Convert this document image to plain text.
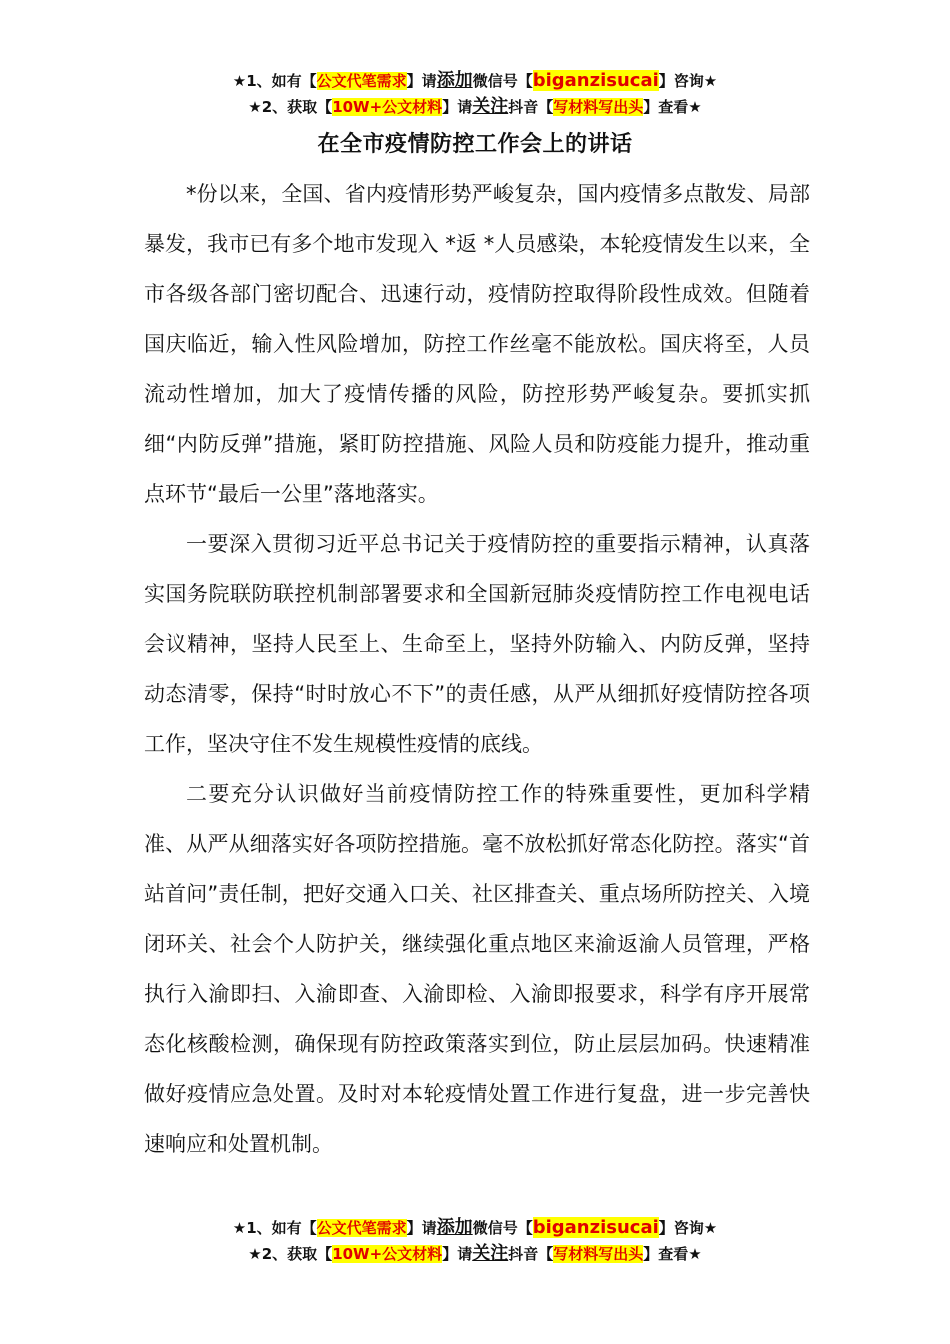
★1、如有【公文代笔需求】请添加微信号【biganzisucai】咨询★
★2、获取【10W+公文材料】请关注抖音【写材料写出头】查看★
在全市疫情防控工作会上的讲话

*份以来，全国、省内疫情形势严峻复杂，国内疫情多点散发、局部暴发，我市已有多个地市发现入 *返 *人员感染，本轮疫情发生以来，全市各级各部门密切配合、迅速行动，疫情防控取得阶段性成效。但随着国庆临近，输入性风险增加，防控工作丝毫不能放松。国庆将至，人员流动性增加，加大了疫情传播的风险，防控形势严峻复杂。要抓实抓细“内防反弹”措施，紧盯防控措施、风险人员和防疫能力提升，推动重点环节“最后一公里”落地落实。

一要深入贯彻习近平总书记关于疫情防控的重要指示精神，认真落实国务院联防联控机制部署要求和全国新冠肺炎疫情防控工作电视电话会议精神，坚持人民至上、生命至上，坚持外防输入、内防反弹，坚持动态清零，保持“时时放心不下”的责任感，从严从细抓好疫情防控各项工作，坚决守住不发生规模性疫情的底线。

二要充分认识做好当前疫情防控工作的特殊重要性，更加科学精准、从严从细落实好各项防控措施。毫不放松抓好常态化防控。落实“首站首问”责任制，把好交通入口关、社区排查关、重点场所防控关、入境闭环关、社会个人防护关，继续强化重点地区来渝返渝人员管理，严格执行入渝即扫、入渝即查、入渝即检、入渝即报要求，科学有序开展常态化核酸检测，确保现有防控政策落实到位，防止层层加码。快速精准做好疫情应急处置。及时对本轮疫情处置工作进行复盘，进一步完善快速响应和处置机制。

★1、如有【公文代笔需求】请添加微信号【biganzisucai】咨询★
★2、获取【10W+公文材料】请关注抖音【写材料写出头】查看★
